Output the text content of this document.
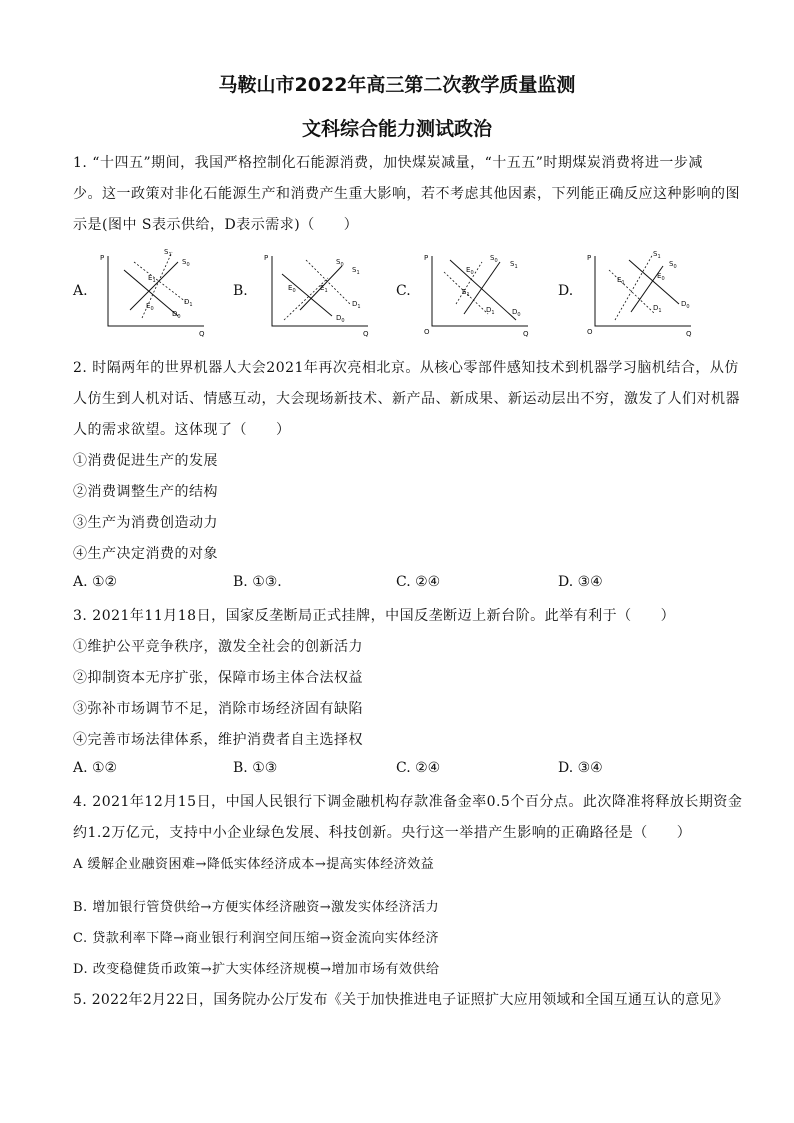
马鞍山市2022年高三第二次教学质量监测
文科综合能力测试政治
1. “十四五”期间，我国严格控制化石能源消费，加快煤炭减量，“十五五”时期煤炭消费将进一步减
少。这一政策对非化石能源生产和消费产生重大影响，若不考虑其他因素，下列能正确反应这种影响的图
示是(图中 S表示供给，D表示需求)（　　）
A.	B.	C.	D.
P
Q
$S_1$
$S_0$
$E_1$
$E_0$
$D_1$
$D_0$
P
Q
$S_0$
$S_1$
$E_0$	$E_1$
$D_1$
$D_0$
P
O	Q
$S_0$ $S_1$
$E_0$
$E_1$
$D_1$ $D_0$
P
O	Q
$S_1$
$S_0$
$E_1$
$E_0$
$D_1$
$D_0$
2. 时隔两年的世界机器人大会2021年再次亮相北京。从核心零部件感知技术到机器学习脑机结合，从仿
人仿生到人机对话、情感互动，大会现场新技术、新产品、新成果、新运动层出不穷，激发了人们对机器
人的需求欲望。这体现了（　　）
①消费促进生产的发展
②消费调整生产的结构
③生产为消费创造动力
④生产决定消费的对象
A. ①②	B. ①③.	C. ②④	D. ③④
3. 2021年11月18日，国家反垄断局正式挂牌，中国反垄断迈上新台阶。此举有利于（　　）
①维护公平竞争秩序，激发全社会的创新活力
②抑制资本无序扩张，保障市场主体合法权益
③弥补市场调节不足，消除市场经济固有缺陷
④完善市场法律体系，维护消费者自主选择权
A. ①②	B. ①③	C. ②④	D. ③④
4. 2021年12月15日，中国人民银行下调金融机构存款准备金率0.5个百分点。此次降准将释放长期资金
约1.2万亿元，支持中小企业绿色发展、科技创新。央行这一举措产生影响的正确路径是（　　）
A 缓解企业融资困难→降低实体经济成本→提高实体经济效益
B. 增加银行管贷供给→方便实体经济融资→激发实体经济活力
C. 贷款利率下降→商业银行利润空间压缩→资金流向实体经济
D. 改变稳健货币政策→扩大实体经济规模→增加市场有效供给
5. 2022年2月22日，国务院办公厅发布《关于加快推进电子证照扩大应用领域和全国互通互认的意见》
